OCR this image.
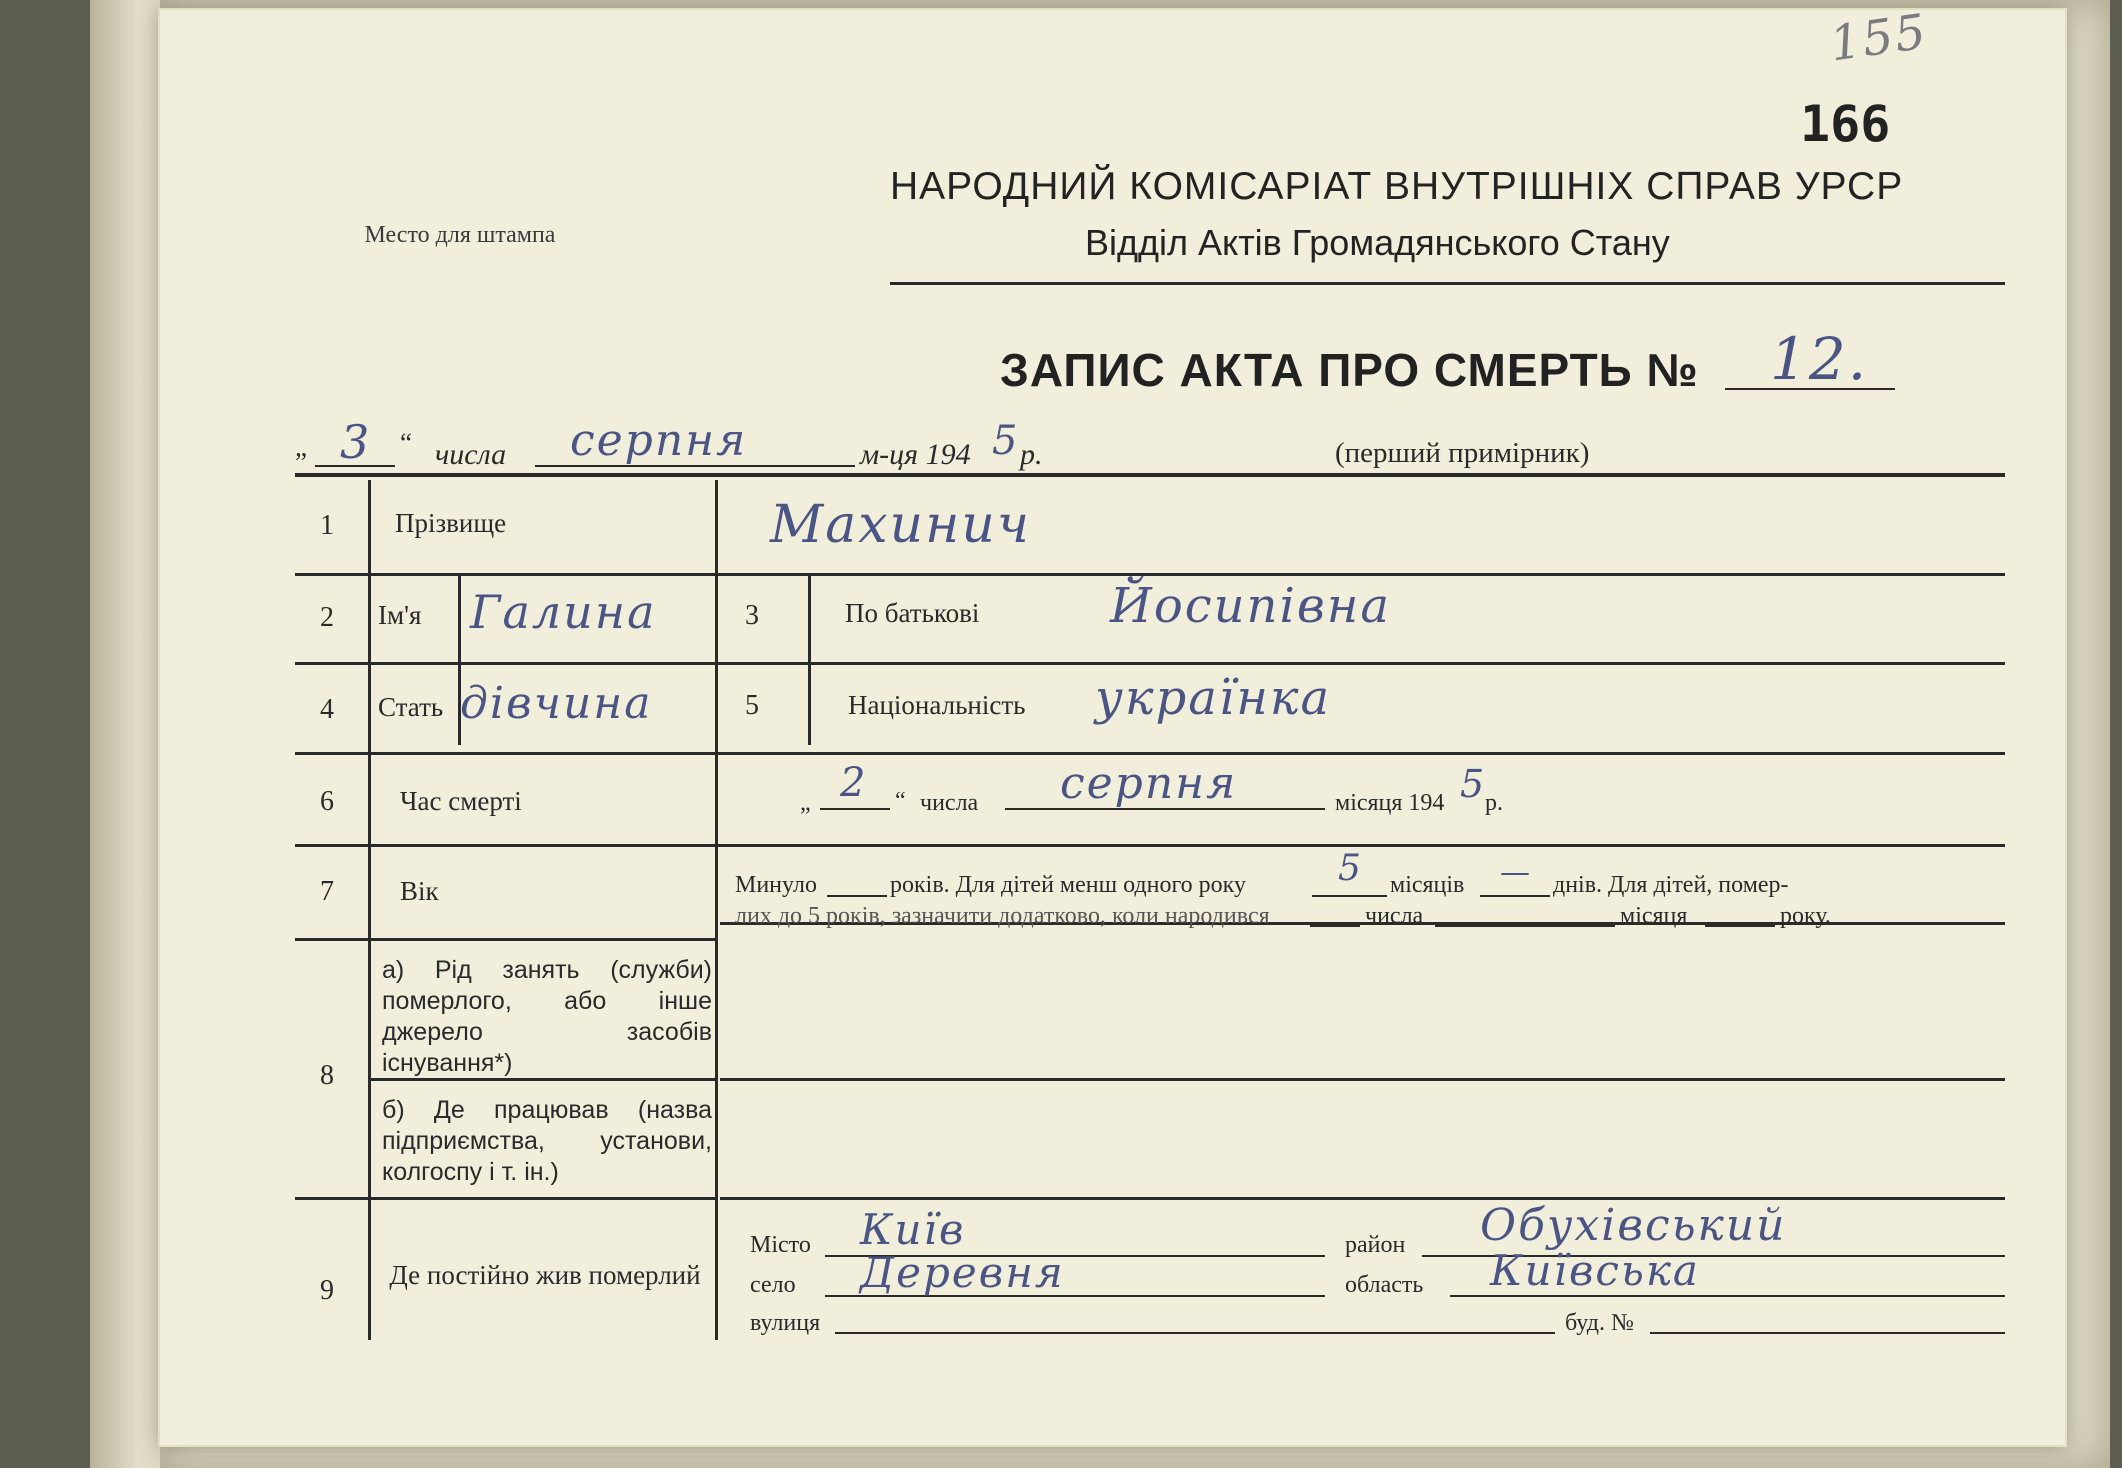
Место для штампа
155
166
НАРОДНИЙ КОМІСАРІАТ ВНУТРІШНІХ СПРАВ УРСР
Відділ Актів Громадянського Стану
ЗАПИС АКТА ПРО СМЕРТЬ № 12.
„ 3 “ числа серпня	м-ця 194 5 р.	(перший примірник)
1 Прізвище	Махинич
2 Ім'я Галина	3	По батькові	Йосипівна
4 Стать дівчина	5	Національність українка
6 Час смерті	„ 2 “ числа серпня	місяця 194 5
р.
7 Вік	Минуло	років. Для дітей менш одного року	5 місяців — днів. Для дітей, помер-
лих до 5 років, зазначити додатково, коли народився	числа	місяця	року.
8
а) Рід занять (служби) померлого, або інше джерело засобів існування*)
б) Де працював (назва підприємства, установи, колгоспу і т. ін.)
9 Де постійно жив померлий
Місто Київ	район Обухівський
село Деревня	область Київська
вулиця	буд. №
